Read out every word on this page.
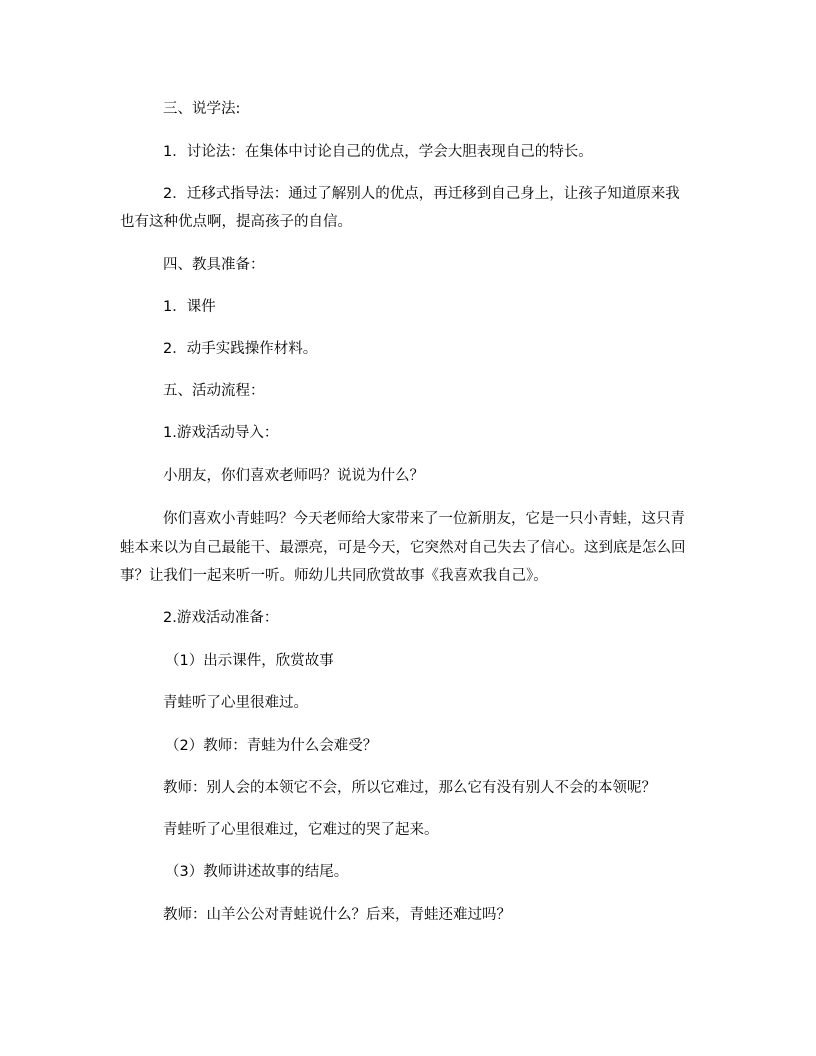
三、说学法:

1．讨论法：在集体中讨论自己的优点，学会大胆表现自己的特长。

2．迁移式指导法：通过了解别人的优点，再迁移到自己身上，让孩子知道原来我

也有这种优点啊，提高孩子的自信。

四、教具准备：

1．课件

2．动手实践操作材料。

五、活动流程：

1.游戏活动导入：

小朋友，你们喜欢老师吗？说说为什么？

你们喜欢小青蛙吗？今天老师给大家带来了一位新朋友，它是一只小青蛙，这只青

蛙本来以为自己最能干、最漂亮，可是今天，它突然对自己失去了信心。这到底是怎么回

事？让我们一起来听一听。师幼儿共同欣赏故事《我喜欢我自己》。

2.游戏活动准备：

（1）出示课件，欣赏故事

青蛙听了心里很难过。

（2）教师：青蛙为什么会难受？

教师：别人会的本领它不会，所以它难过，那么它有没有别人不会的本领呢？

青蛙听了心里很难过，它难过的哭了起来。

（3）教师讲述故事的结尾。

教师：山羊公公对青蛙说什么？后来，青蛙还难过吗？
